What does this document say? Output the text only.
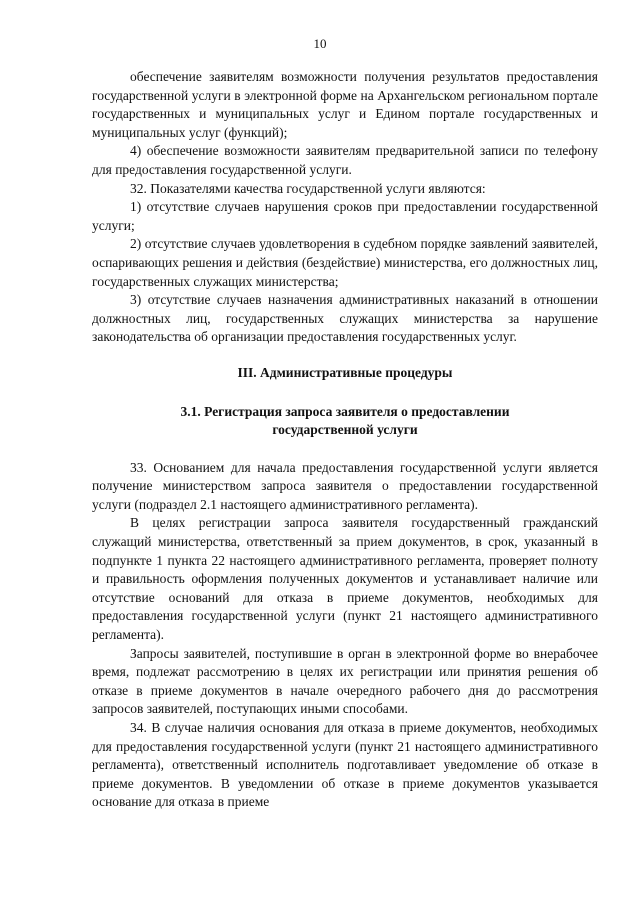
10

обеспечение заявителям возможности получения результатов предоставления государственной услуги в электронной форме на Архангельском региональном портале государственных и муниципальных услуг и Едином портале государственных и муниципальных услуг (функций);

4) обеспечение возможности заявителям предварительной записи по телефону для предоставления государственной услуги.

32. Показателями качества государственной услуги являются:

1) отсутствие случаев нарушения сроков при предоставлении государственной услуги;

2) отсутствие случаев удовлетворения в судебном порядке заявлений заявителей, оспаривающих решения и действия (бездействие) министерства, его должностных лиц, государственных служащих министерства;

3) отсутствие случаев назначения административных наказаний в отношении должностных лиц, государственных служащих министерства за нарушение законодательства об организации предоставления государственных услуг.

III. Административные процедуры
3.1. Регистрация запроса заявителя о предоставлении
государственной услуги

33. Основанием для начала предоставления государственной услуги является получение министерством запроса заявителя о предоставлении государственной услуги (подраздел 2.1 настоящего административного регламента).

В целях регистрации запроса заявителя государственный гражданский служащий министерства, ответственный за прием документов, в срок, указанный в подпункте 1 пункта 22 настоящего административного регламента, проверяет полноту и правильность оформления полученных документов и устанавливает наличие или отсутствие оснований для отказа в приеме документов, необходимых для предоставления государственной услуги (пункт 21 настоящего административного регламента).

Запросы заявителей, поступившие в орган в электронной форме во внерабочее время, подлежат рассмотрению в целях их регистрации или принятия решения об отказе в приеме документов в начале очередного рабочего дня до рассмотрения запросов заявителей, поступающих иными способами.

34. В случае наличия основания для отказа в приеме документов, необходимых для предоставления государственной услуги (пункт 21 настоящего административного регламента), ответственный исполнитель подготавливает уведомление об отказе в приеме документов. В уведомлении об отказе в приеме документов указывается основание для отказа в приеме
